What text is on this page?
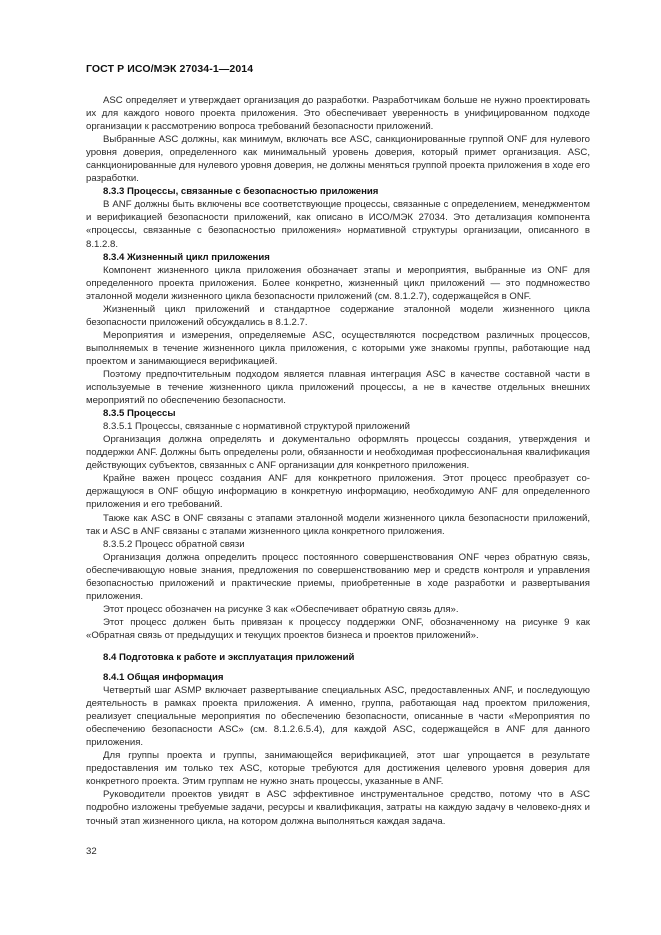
ГОСТ Р ИСО/МЭК 27034-1—2014

ASC определяет и утверждает организация до разработки. Разработчикам больше не нужно проектировать их для каждого нового проекта приложения. Это обеспечивает уверенность в унифицированном подходе организации к рассмотрению вопроса требований безопасности приложений.

Выбранные ASC должны, как минимум, включать все ASC, санкционированные группой ONF для нулевого уровня доверия, определенного как минимальный уровень доверия, который примет организация. ASC, санкционированные для нулевого уровня доверия, не должны меняться группой проекта приложения в ходе его разработки.

8.3.3 Процессы, связанные с безопасностью приложения

В ANF должны быть включены все соответствующие процессы, связанные с определением, менеджментом и верификацией безопасности приложений, как описано в ИСО/МЭК 27034. Это детализация компонента «процессы, связанные с безопасностью приложения» нормативной структуры организации, описанного в 8.1.2.8.

8.3.4 Жизненный цикл приложения

Компонент жизненного цикла приложения обозначает этапы и мероприятия, выбранные из ONF для определенного проекта приложения. Более конкретно, жизненный цикл приложений — это подмножество эталонной модели жизненного цикла безопасности приложений (см. 8.1.2.7), содержащейся в ONF.

Жизненный цикл приложений и стандартное содержание эталонной модели жизненного цикла безопасности приложений обсуждались в 8.1.2.7.

Мероприятия и измерения, определяемые ASC, осуществляются посредством различных процессов, выполняемых в течение жизненного цикла приложения, с которыми уже знакомы группы, работающие над проектом и занимающиеся верификацией.

Поэтому предпочтительным подходом является плавная интеграция ASC в качестве составной части в используемые в течение жизненного цикла приложений процессы, а не в качестве отдельных внешних мероприятий по обеспечению безопасности.

8.3.5 Процессы

8.3.5.1 Процессы, связанные с нормативной структурой приложений

Организация должна определять и документально оформлять процессы создания, утверждения и поддержки ANF. Должны быть определены роли, обязанности и необходимая профессиональная квалификация действующих субъектов, связанных с ANF организации для конкретного приложения.

Крайне важен процесс создания ANF для конкретного приложения. Этот процесс преобразует содержащуюся в ONF общую информацию в конкретную информацию, необходимую ANF для определенного приложения и его требований.

Также как ASC в ONF связаны с этапами эталонной модели жизненного цикла безопасности приложений, так и ASC в ANF связаны с этапами жизненного цикла конкретного приложения.

8.3.5.2 Процесс обратной связи

Организация должна определить процесс постоянного совершенствования ONF через обратную связь, обеспечивающую новые знания, предложения по совершенствованию мер и средств контроля и управления безопасностью приложений и практические приемы, приобретенные в ходе разработки и развертывания приложения.

Этот процесс обозначен на рисунке 3 как «Обеспечивает обратную связь для».

Этот процесс должен быть привязан к процессу поддержки ONF, обозначенному на рисунке 9 как «Обратная связь от предыдущих и текущих проектов бизнеса и проектов приложений».

8.4 Подготовка к работе и эксплуатация приложений

8.4.1 Общая информация

Четвертый шаг ASMP включает развертывание специальных ASC, предоставленных ANF, и последующую деятельность в рамках проекта приложения. А именно, группа, работающая над проектом приложения, реализует специальные мероприятия по обеспечению безопасности, описанные в части «Мероприятия по обеспечению безопасности ASC» (см. 8.1.2.6.5.4), для каждой ASC, содержащейся в ANF для данного приложения.

Для группы проекта и группы, занимающейся верификацией, этот шаг упрощается в результате предоставления им только тех ASC, которые требуются для достижения целевого уровня доверия для конкретного проекта. Этим группам не нужно знать процессы, указанные в ANF.

Руководители проектов увидят в ASC эффективное инструментальное средство, потому что в ASC подробно изложены требуемые задачи, ресурсы и квалификация, затраты на каждую задачу в человеко-днях и точный этап жизненного цикла, на котором должна выполняться каждая задача.

32
